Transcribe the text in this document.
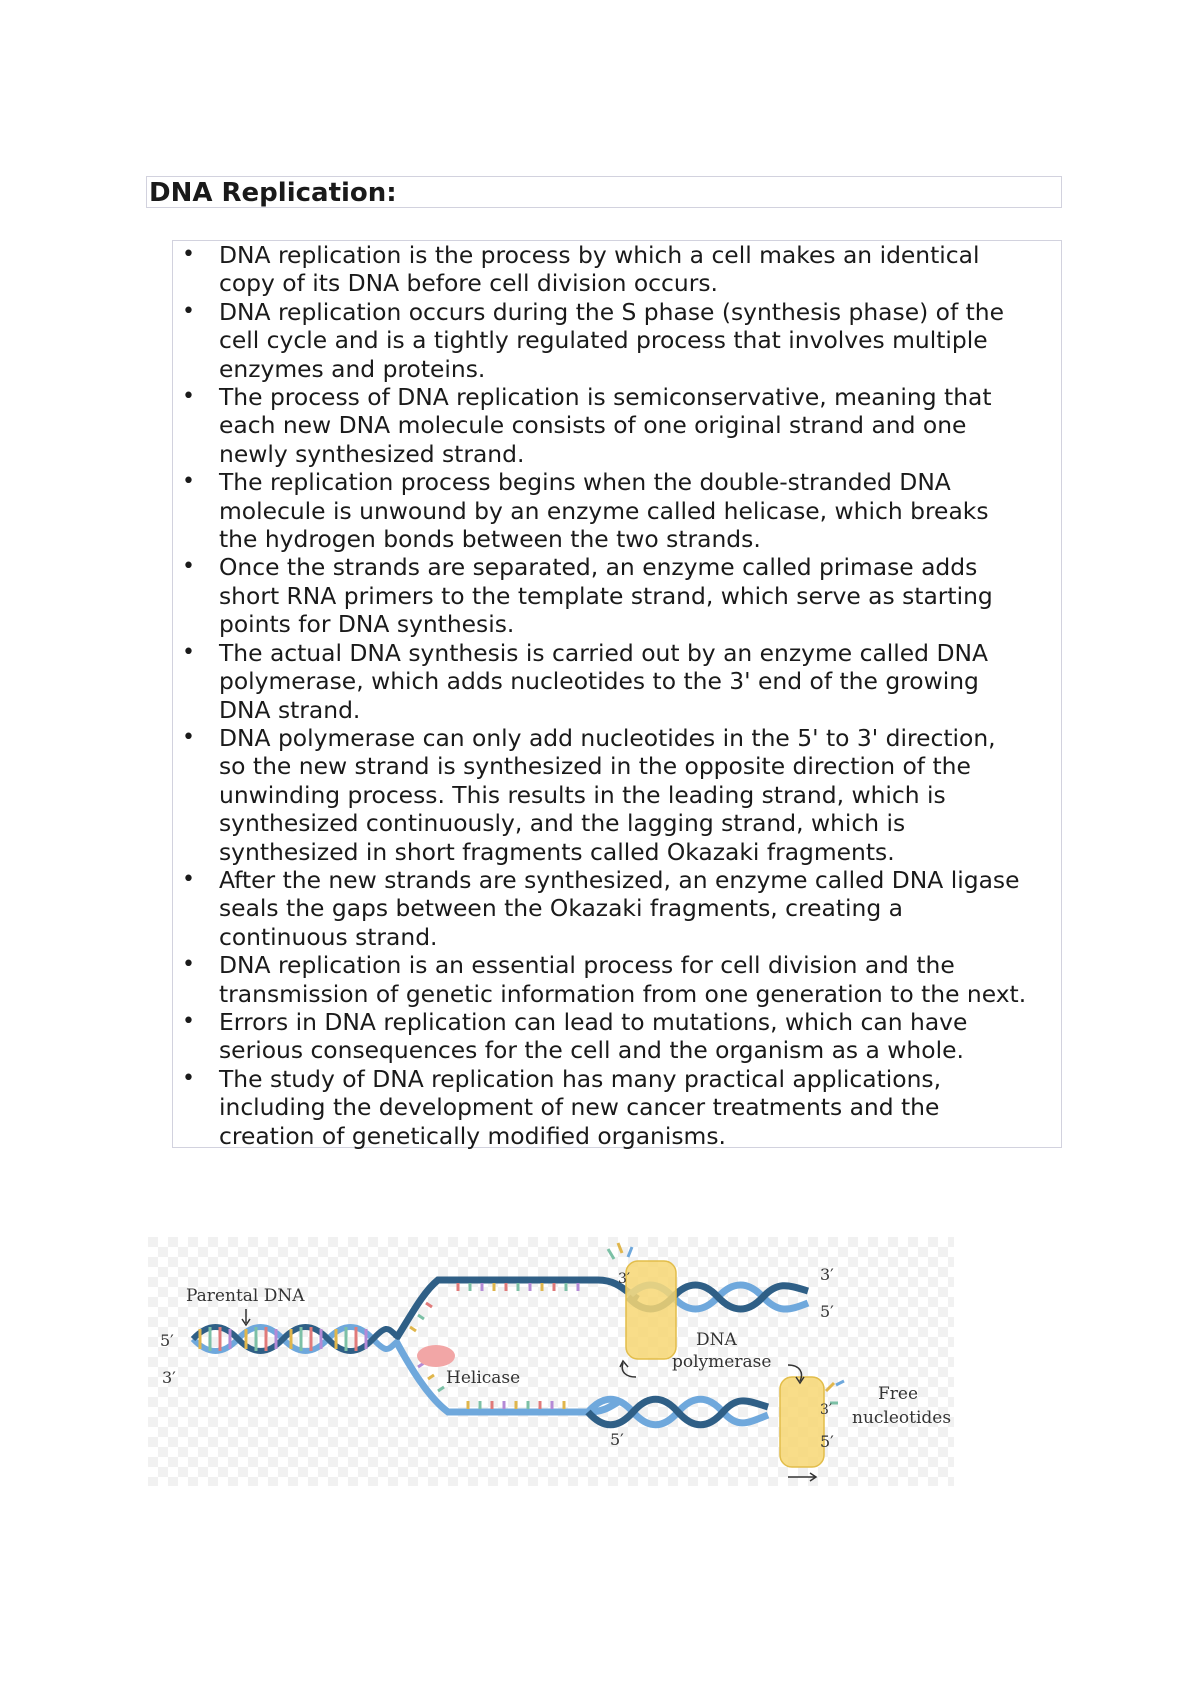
DNA Replication:
• DNA replication is the process by which a cell makes an identical
copy of its DNA before cell division occurs.
• DNA replication occurs during the S phase (synthesis phase) of the
cell cycle and is a tightly regulated process that involves multiple
enzymes and proteins.
• The process of DNA replication is semiconservative, meaning that
each new DNA molecule consists of one original strand and one
newly synthesized strand.
• The replication process begins when the double-stranded DNA
molecule is unwound by an enzyme called helicase, which breaks
the hydrogen bonds between the two strands.
• Once the strands are separated, an enzyme called primase adds
short RNA primers to the template strand, which serve as starting
points for DNA synthesis.
• The actual DNA synthesis is carried out by an enzyme called DNA
polymerase, which adds nucleotides to the 3' end of the growing
DNA strand.
• DNA polymerase can only add nucleotides in the 5' to 3' direction,
so the new strand is synthesized in the opposite direction of the
unwinding process. This results in the leading strand, which is
synthesized continuously, and the lagging strand, which is
synthesized in short fragments called Okazaki fragments.
• After the new strands are synthesized, an enzyme called DNA ligase
seals the gaps between the Okazaki fragments, creating a
continuous strand.
• DNA replication is an essential process for cell division and the
transmission of genetic information from one generation to the next.
• Errors in DNA replication can lead to mutations, which can have
serious consequences for the cell and the organism as a whole.
• The study of DNA replication has many practical applications,
including the development of new cancer treatments and the
creation of genetically modified organisms.
Parental DNA
5′
3′	Helicase
3′
DNA
polymerase
3′
5′
Free
nucleotides
3′
5′
5′
